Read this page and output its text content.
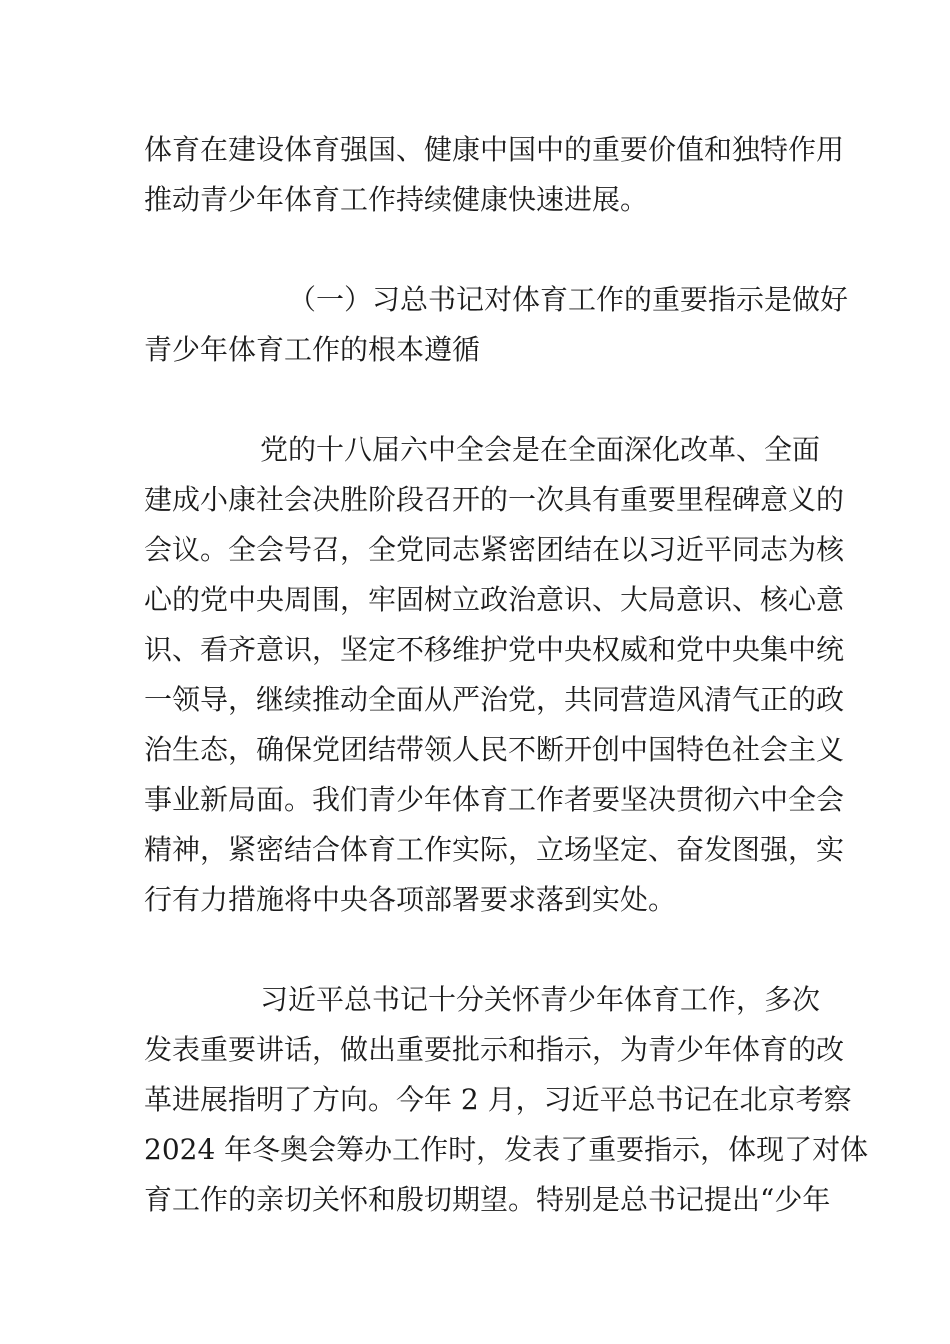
体育在建设体育强国、健康中国中的重要价值和独特作用
推动青少年体育工作持续健康快速进展。
（一）习总书记对体育工作的重要指示是做好
青少年体育工作的根本遵循
党的十八届六中全会是在全面深化改革、全面
建成小康社会决胜阶段召开的一次具有重要里程碑意义的
会议。全会号召，全党同志紧密团结在以习近平同志为核
心的党中央周围，牢固树立政治意识、大局意识、核心意
识、看齐意识，坚定不移维护党中央权威和党中央集中统
一领导，继续推动全面从严治党，共同营造风清气正的政
治生态，确保党团结带领人民不断开创中国特色社会主义
事业新局面。我们青少年体育工作者要坚决贯彻六中全会
精神，紧密结合体育工作实际，立场坚定、奋发图强，实
行有力措施将中央各项部署要求落到实处。
习近平总书记十分关怀青少年体育工作，多次
发表重要讲话，做出重要批示和指示，为青少年体育的改
革进展指明了方向。今年 2 月，习近平总书记在北京考察
2024 年冬奥会筹办工作时，发表了重要指示，体现了对体
育工作的亲切关怀和殷切期望。特别是总书记提出“少年
